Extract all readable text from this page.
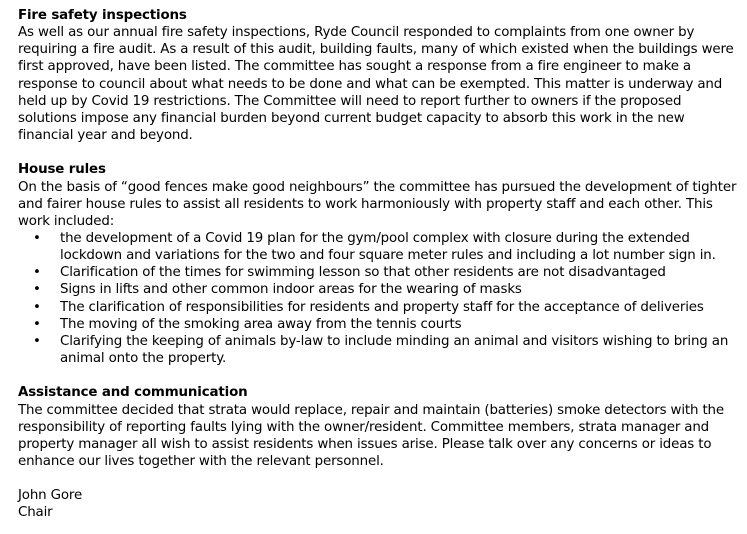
Fire safety inspections

As well as our annual fire safety inspections, Ryde Council responded to complaints from one owner by requiring a fire audit. As a result of this audit, building faults, many of which existed when the buildings were first approved, have been listed. The committee has sought a response from a fire engineer to make a response to council about what needs to be done and what can be exempted. This matter is underway and held up by Covid 19 restrictions. The Committee will need to report further to owners if the proposed solutions impose any financial burden beyond current budget capacity to absorb this work in the new financial year and beyond.

House rules

On the basis of “good fences make good neighbours” the committee has pursued the development of tighter and fairer house rules to assist all residents to work harmoniously with property staff and each other. This work included:

• the development of a Covid 19 plan for the gym/pool complex with closure during the extended lockdown and variations for the two and four square meter rules and including a lot number sign in.
• Clarification of the times for swimming lesson so that other residents are not disadvantaged
• Signs in lifts and other common indoor areas for the wearing of masks
• The clarification of responsibilities for residents and property staff for the acceptance of deliveries
• The moving of the smoking area away from the tennis courts
• Clarifying the keeping of animals by-law to include minding an animal and visitors wishing to bring an animal onto the property.

Assistance and communication

The committee decided that strata would replace, repair and maintain (batteries) smoke detectors with the responsibility of reporting faults lying with the owner/resident. Committee members, strata manager and property manager all wish to assist residents when issues arise. Please talk over any concerns or ideas to enhance our lives together with the relevant personnel.

John Gore

Chair
